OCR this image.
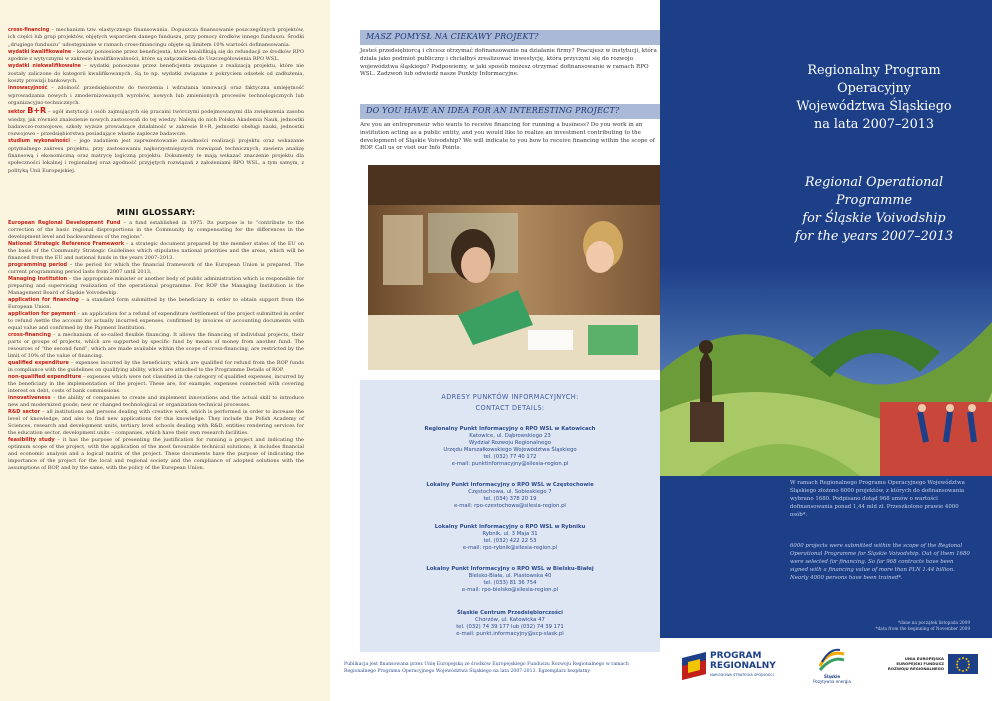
cross-financing – mechanizm tzw. elastycznego finansowania. Dopuszcza finansowanie poszczególnych projektów, ich części lub grup projektów, objętych wsparciem danego funduszu, przy pomocy środków innego funduszu. Środki „drugiego funduszu” udostępniane w ramach cross-financingu objęte są limitem 10% wartości dofinansowania.

wydatki kwalifikowalne – koszty poniesione przez beneficjenta, które kwalifikują się do refundacji ze środków RPO zgodnie z wytycznymi w zakresie kwalifikowalności, które są załącznikiem do Uszczegółowienia RPO WSL.

wydatki niekwalifikowalne – wydatki ponoszone przez beneficjenta związane z realizacją projektu, które nie zostały zaliczone do kategorii kwalifikowanych. Są to np. wydatki związane z pokryciem odsetek od zadłużenia, koszty prowizji bankowych.

innowacyjność – zdolność przedsiębiorstw do tworzenia i wdrażania innowacji oraz faktyczna umiejętność wprowadzania nowych i zmodernizowanych wyrobów, nowych lub zmienionych procesów technologicznych lub organizacyjno-technicznych.

sektor B+R – ogół instytucji i osób zajmujących się pracami twórczymi podejmowanymi dla zwiększenia zasobu wiedzy, jak również znalezienie nowych zastosowań do tej wiedzy. Należą do nich Polska Akademia Nauk, jednostki badawczo-rozwojowe, szkoły wyższe prowadzące działalność w zakresie B+R, jednostki obsługi nauki, jednostki rozwojowe – przedsiębiorstwa posiadające własne zaplecze badawcze.

studium wykonalności – jego zadaniem jest zaprezentowanie zasadności realizacji projektu oraz wskazanie optymalnego zakresu projektu, przy zastosowaniu najkorzystniejszych rozwiązań technicznych; zawiera analizę finansową i ekonomiczną oraz matrycę logiczną projektu. Dokumenty te mają wskazać znaczenie projektu dla społeczności lokalnej i regionalnej oraz zgodność przyjętych rozwiązań z założeniami RPO WSL, a tym samym, z polityką Unii Europejskiej.

MINI GLOSSARY:

European Regional Development Fund – a fund established in 1975. Its purpose is to “contribute to the correction of the basic regional disproportions in the Community by compensating for the differences in the development level and backwardness of the regions”.

National Strategic Reference Framework – a strategic document prepared by the member states of the EU on the basis of the Community Strategic Guidelines which stipulates national priorities and the areas, which will be financed from the EU and national funds in the years 2007–2013.

programming period – the period for which the financial framework of the European Union is prepared. The current programming period lasts from 2007 until 2013.

Managing Institution – the appropriate minister or another body of public administration which is responsible for preparing and supervising realization of the operational programme. For ROP the Managing Institution is the Management Board of Śląskie Voivodeship.

application for financing – a standard form submitted by the beneficiary in order to obtain support from the European Union.

application for payment – an application for a refund of expenditure /settlement of the project submitted in order to refund /settle the account for actually incurred expenses, confirmed by invoices or accounting documents with equal value and confirmed by the Payment Institution.

cross-financing – a mechanism of so-called flexible financing. It allows the financing of individual projects, their parts or groups of projects, which are supported by specific fund by means of money from another fund. The resources of “the second fund”, which are made available within the scope of cross-financing, are restricted by the limit of 10% of the value of financing.

qualified expenditure – expenses incurred by the beneficiary, which are qualified for refund from the ROP funds in compliance with the guidelines on qualifying ability, which are attached to the Programme Details of ROP.

non-qualified expenditure – expenses which were not classified in the category of qualified expenses, incurred by the beneficiary in the implementation of the project. These are, for example, expenses connected with covering interest on debt, costs of bank commissions.

innovativeness – the ability of companies to create and implement innovations and the actual skill to introduce new and modernized goods; new or changed technological or organization-technical processes.

R&D sector – all institutions and persons dealing with creative work, which is performed in order to increase the level of knowledge, and also to find new applications for this knowledge. They include the Polish Academy of Sciences, research and development units, tertiary level schools dealing with R&D, entities rendering services for the education sector, development units – companies, which have their own research facilities.

feasibility study – it has the purpose of presenting the justification for running a project and indicating the optimum scope of the project, with the application of the most favourable technical solutions; it includes financial and economic analysis and a logical matrix of the project. These documents have the purpose of indicating the importance of the project for the local and regional society and the compliance of adopted solutions with the assumptions of ROP, and by the same, with the policy of the European Union.

MASZ POMYSŁ NA CIEKAWY PROJEKT?

Jesteś przedsiębiorcą i chcesz otrzymać dofinansowanie na działanie firmy? Pracujesz w instytucji, która działa jako podmiot publiczny i chciałbyś zrealizować inwestycję, która przyczyni się do rozwoju województwa śląskiego? Podpowiemy, w jaki sposób możesz otrzymać dofinansowanie w ramach RPO WSL. Zadzwoń lub odwiedź nasze Punkty Informacyjne.

DO YOU HAVE AN IDEA FOR AN INTERESTING PROJECT?

Are you an entrepreneur who wants to receive financing for running a business? Do you work in an institution acting as a public entity, and you would like to realize an investment contributing to the development of Śląskie Voivodship? We will indicate to you how to receive financing within the scope of ROP. Call us or visit our Info Points.

ADRESY PUNKTÓW INFORMACYJNYCH:
CONTACT DETAILS:
Regionalny Punkt Informacyjny o RPO WSL w Katowicach
Katowice, ul. Dąbrowskiego 23
Wydział Rozwoju Regionalnego
Urzędu Marszałkowskiego Województwa Śląskiego
tel. (032) 77 40 172
e-mail: punktinformacyjny@silesia-region.pl
Lokalny Punkt Informacyjny o RPO WSL w Częstochowie
Częstochowa, ul. Sobieskiego 7
tel. (034) 378 20 19
e-mail: rpo-czestochowa@silesia-region.pl
Lokalny Punkt Informacyjny o RPO WSL w Rybniku
Rybnik, ul. 3 Maja 31
tel. (032) 422 22 53
e-mail: rpo-rybnik@silesia-region.pl
Lokalny Punkt Informacyjny o RPO WSL w Bielsku-Białej
Bielsko-Biała, ul. Piastowska 40
tel. (033) 81 36 754
e-mail: rpo-bielsko@silesia-region.pl
Śląskie Centrum Przedsiębiorczości
Chorzów, ul. Katowicka 47
tel. (032) 74 39 177 lub (032) 74 39 171
e-mail: punkt.informacyjny@scp-slask.pl

Publikacja jest finansowana przez Unię Europejską ze środków Europejskiego Funduszu Rozwoju Regionalnego w ramach Regionalnego Programu Operacyjnego Województwa Śląskiego na lata 2007-2013. Egzemplarz bezpłatny.

Regionalny Program
Operacyjny
Województwa Śląskiego
na lata 2007–2013
Regional Operational
Programme
for Śląskie Voivodship
for the years 2007–2013

W ramach Regionalnego Programu Operacyjnego Województwa Śląskiego złożono 6000 projektów, z których do dofinansowania wybrano 1680. Podpisano dotąd 968 umów o wartości dofinansowania ponad 1,44 mld zł. Przeszkolono prawie 4000 osób*.

6000 projects were submitted within the scope of the Regional Operational Programme for Śląskie Voivodship. Out of them 1680 were selected for financing. So far 968 contracts have been signed with a financing value of more than PLN 1.44 billion. Nearly 4000 persons have been trained*.

*dane na początek listopada 2009
*data from the beginning of November 2009

PROGRAM
REGIONALNY

NARODOWA STRATEGIA SPÓJNOŚCI	Śląskie
Pozytywna energia

UNIA EUROPEJSKA
EUROPEJSKI FUNDUSZ
ROZWOJU REGIONALNEGO
